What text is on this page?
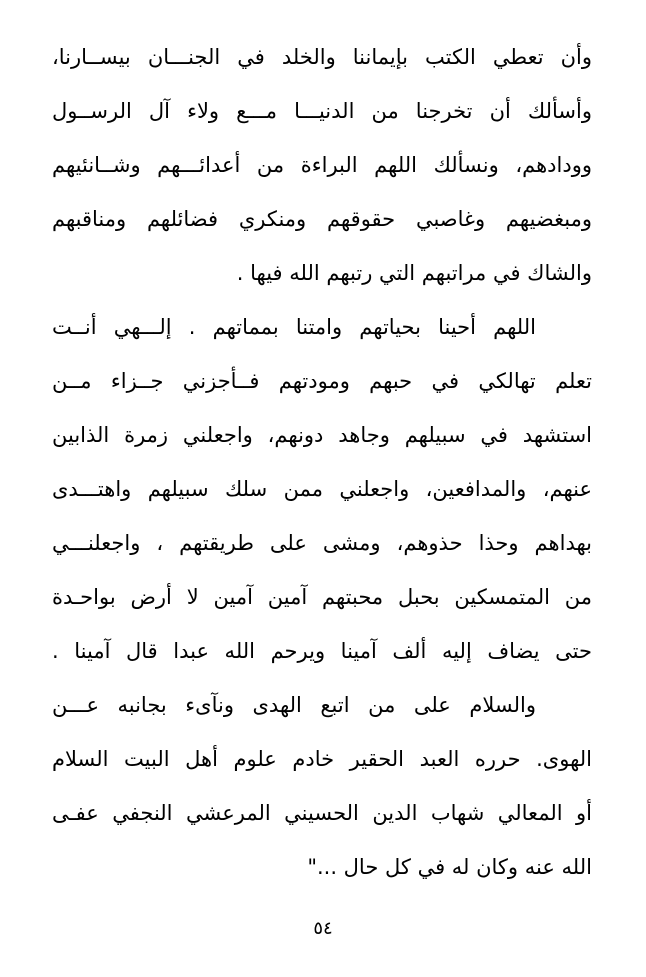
وأن تعطي الكتب بإيماننا والخلد في الجنـــان بيســارنا،
وأسألك أن تخرجنا من الدنيـــا مـــع ولاء آل الرســول
وودادهم، ونسألك اللهم البراءة من أعدائـــهم وشــانئيهم
ومبغضيهم وغاصبي حقوقهم ومنكري فضائلهم ومناقبهم
والشاك في مراتبهم التي رتبهم الله فيها .
اللهم أحينا بحياتهم وامتنا بمماتهم . إلـــهي أنــت
تعلم تهالكي في حبهم ومودتهم فــأجزني جــزاء مــن
استشهد في سبيلهم وجاهد دونهم، واجعلني زمرة الذابين
عنهم، والمدافعين، واجعلني ممن سلك سبيلهم واهتـــدى
بهداهم وحذا حذوهم، ومشى على طريقتهم ، واجعلنـــي
من المتمسكين بحبل محبتهم آمين آمين لا أرض بواحـدة
حتى يضاف إليه ألف آمينا ويرحم الله عبدا قال آمينا .
والسلام على من اتبع الهدى ونآىء بجانبه عـــن
الهوى. حرره العبد الحقير خادم علوم أهل البيت السلام
أو المعالي شهاب الدين الحسيني المرعشي النجفي عفـى
الله عنه وكان له في كل حال ..."
٥٤
